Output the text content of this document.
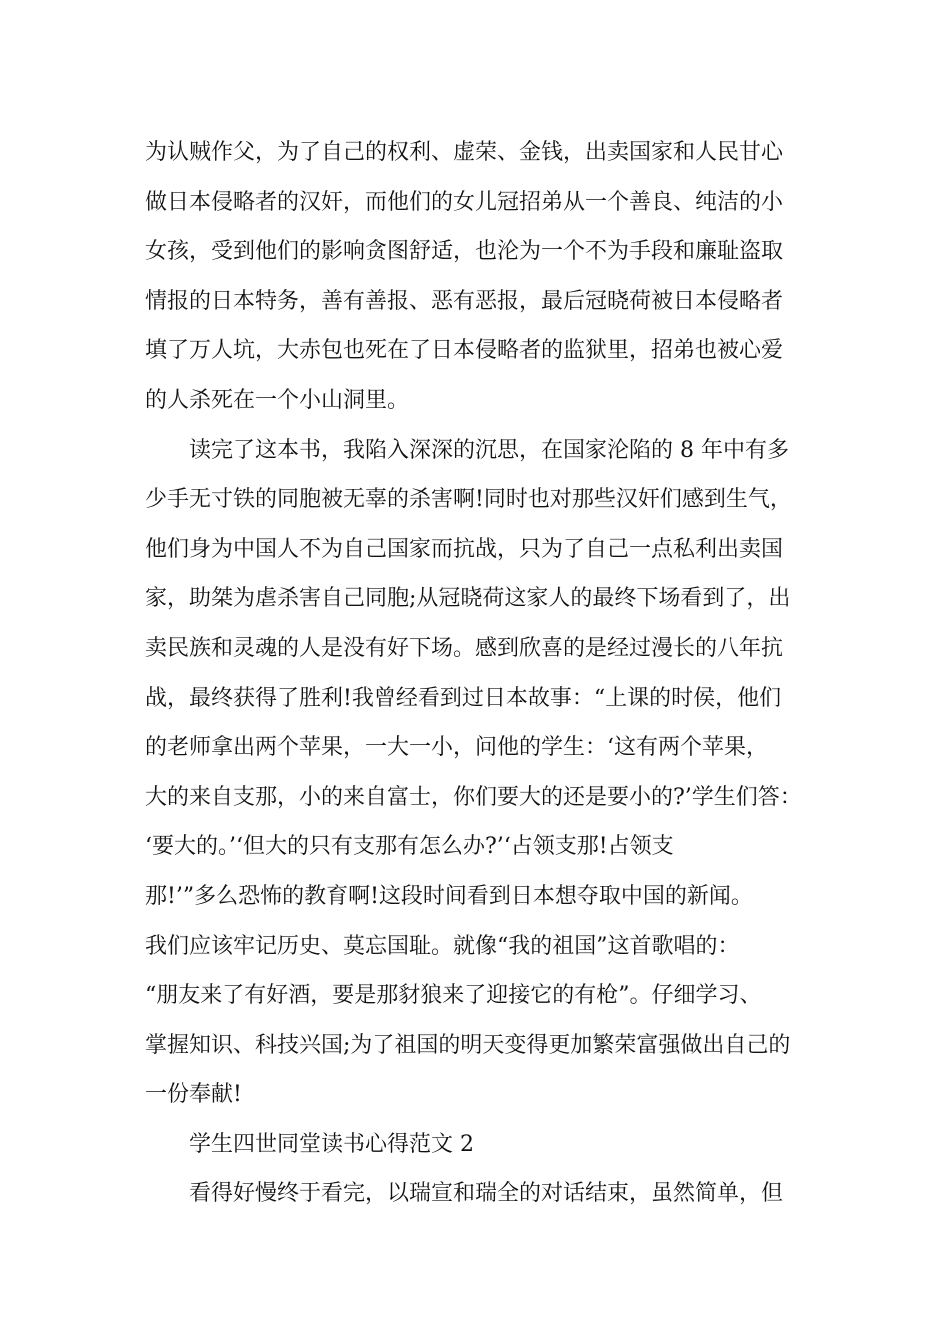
为认贼作父，为了自己的权利、虚荣、金钱，出卖国家和人民甘心
做日本侵略者的汉奸，而他们的女儿冠招弟从一个善良、纯洁的小
女孩，受到他们的影响贪图舒适，也沦为一个不为手段和廉耻盗取
情报的日本特务，善有善报、恶有恶报，最后冠晓荷被日本侵略者
填了万人坑，大赤包也死在了日本侵略者的监狱里，招弟也被心爱
的人杀死在一个小山洞里。
读完了这本书，我陷入深深的沉思，在国家沦陷的 8 年中有多
少手无寸铁的同胞被无辜的杀害啊!同时也对那些汉奸们感到生气，
他们身为中国人不为自己国家而抗战，只为了自己一点私利出卖国
家，助桀为虐杀害自己同胞;从冠晓荷这家人的最终下场看到了，出
卖民族和灵魂的人是没有好下场。感到欣喜的是经过漫长的八年抗
战，最终获得了胜利!我曾经看到过日本故事：“上课的时侯，他们
的老师拿出两个苹果，一大一小，问他的学生：‘这有两个苹果，
大的来自支那，小的来自富士，你们要大的还是要小的?’学生们答：
‘要大的。’‘但大的只有支那有怎么办?’‘占领支那!占领支
那!’”多么恐怖的教育啊!这段时间看到日本想夺取中国的新闻。
我们应该牢记历史、莫忘国耻。就像“我的祖国”这首歌唱的：
“朋友来了有好酒，要是那豺狼来了迎接它的有枪”。仔细学习、
掌握知识、科技兴国;为了祖国的明天变得更加繁荣富强做出自己的
一份奉献!
学生四世同堂读书心得范文 2
看得好慢终于看完，以瑞宣和瑞全的对话结束，虽然简单，但
